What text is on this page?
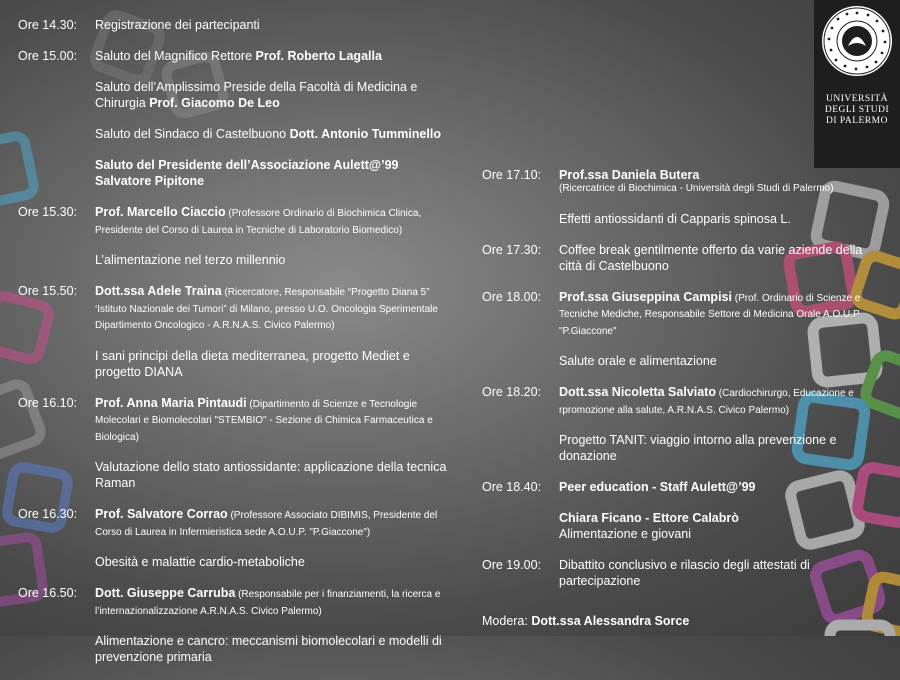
UNIVERSITÀ
DEGLI STUDI
DI PALERMO
Ore 14.30:	Registrazione dei partecipanti
Ore 15.00:	Saluto del Magnifico Rettore Prof. Roberto Lagalla
Saluto dell’Amplissimo Preside della Facoltà di Medicina e Chirurgia Prof. Giacomo De Leo
Saluto del Sindaco di Castelbuono Dott. Antonio Tumminello
Saluto del Presidente dell’Associazione Aulett@’99
Salvatore Pipitone
Ore 15.30:	Prof. Marcello Ciaccio (Professore Ordinario di Biochimica Clinica, Presidente del Corso di Laurea in Tecniche di Laboratorio Biomedico)
L’alimentazione nel terzo millennio
Ore 15.50:	Dott.ssa Adele Traina (Ricercatore, Responsabile “Progetto Diana 5” ‘Istituto Nazionale dei Tumori” di Milano, presso U.O. Oncologia Sperimentale Dipartimento Oncologico - A.R.N.A.S. Civico Palermo)
I sani principi della dieta mediterranea, progetto Mediet e progetto DIANA
Ore 16.10:	Prof. Anna Maria Pintaudi (Dipartimento di Scienze e Tecnologie Molecolari e Biomolecolari "STEMBIO" - Sezione di Chimica Farmaceutica e Biologica)
Valutazione dello stato antiossidante: applicazione della tecnica Raman
Ore 16.30:	Prof. Salvatore Corrao (Professore Associato DIBIMIS, Presidente del Corso di Laurea in Infermieristica sede A.O.U.P. "P.Giaccone")
Obesità e malattie cardio-metaboliche
Ore 16.50:	Dott. Giuseppe Carruba (Responsabile per i finanziamenti, la ricerca e l’internazionalizzazione A.R.N.A.S. Civico Palermo)
Alimentazione e cancro: meccanismi biomolecolari e modelli di prevenzione primaria
Ore 17.10:	Prof.ssa Daniela Butera
(Ricercatrice di Biochimica - Università degli Studi di Palermo)
Effetti antiossidanti di Capparis spinosa L.
Ore 17.30:	Coffee break gentilmente offerto da varie aziende della città di Castelbuono
Ore 18.00:	Prof.ssa Giuseppina Campisi (Prof. Ordinario di Scienze e Tecniche Mediche, Responsabile Settore di Medicina Orale A.O.U.P "P.Giaccone"
Salute orale e alimentazione
Ore 18.20:	Dott.ssa Nicoletta Salviato (Cardiochirurgo, Educazione e rpromozione alla salute, A.R.N.A.S. Civico Palermo)
Progetto TANIT: viaggio intorno alla prevenzione e donazione
Ore 18.40:	Peer education - Staff Aulett@’99
Chiara Ficano - Ettore Calabrò
Alimentazione e giovani
Ore 19.00:	Dibattito conclusivo e rilascio degli attestati di partecipazione
Modera: Dott.ssa Alessandra Sorce
